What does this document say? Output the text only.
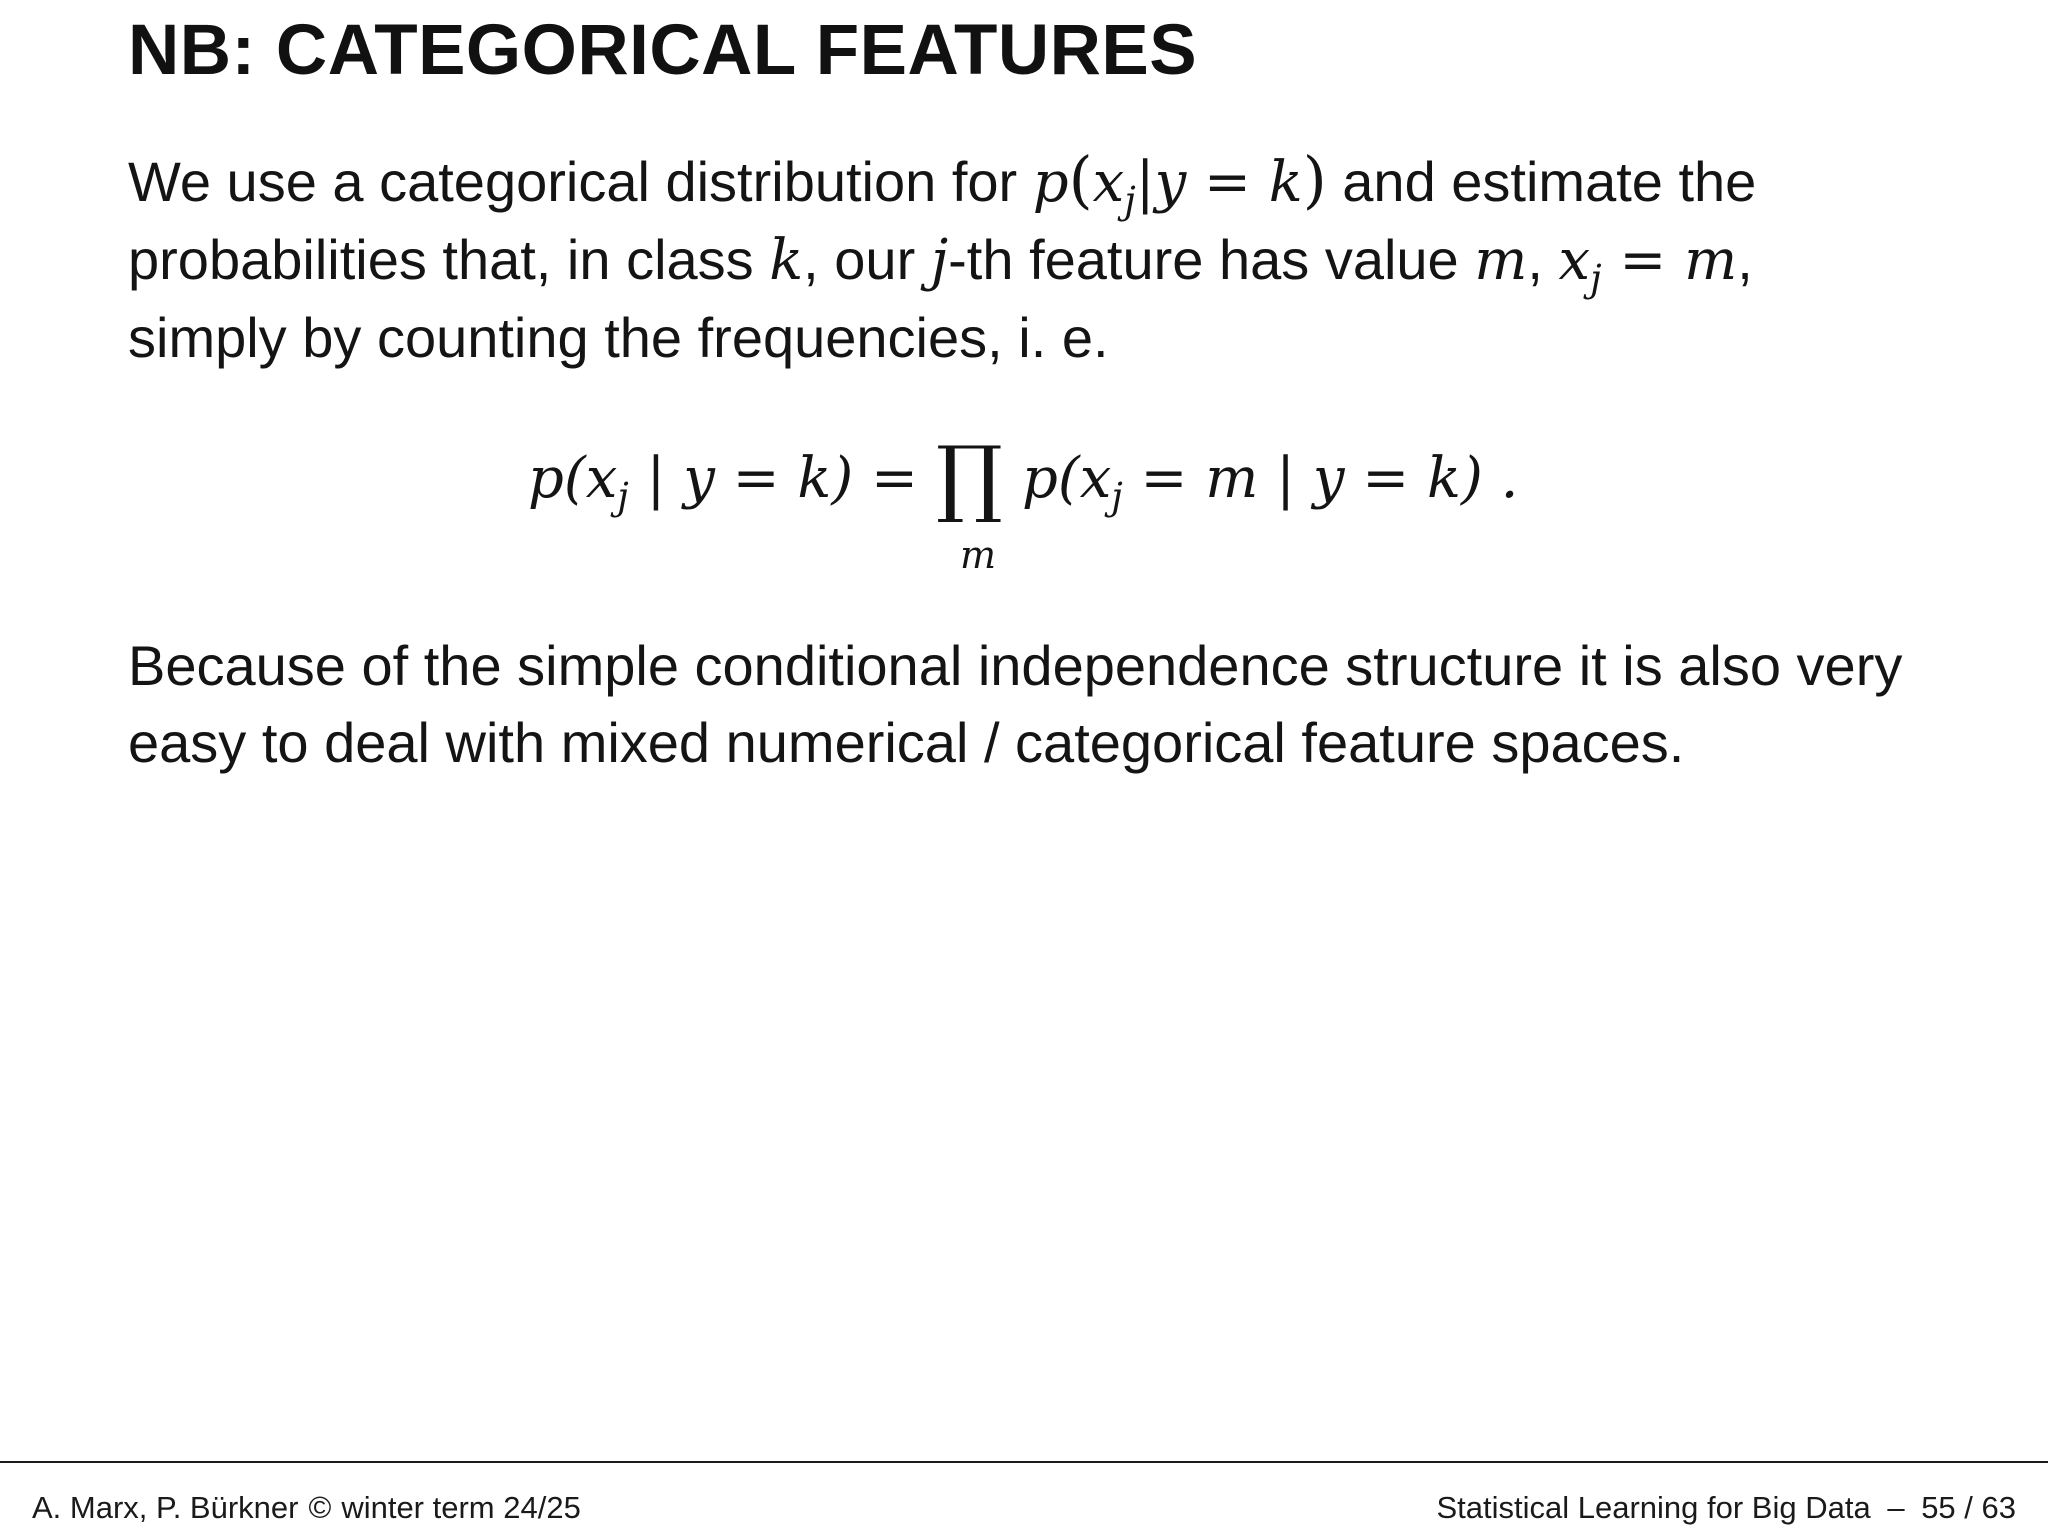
NB: CATEGORICAL FEATURES
We use a categorical distribution for $p(x_j|y = k)$ and estimate the
probabilities that, in class k, our j-th feature has value m, $x_j = m$,
simply by counting the frequencies, i. e.
$p(x_j$ | y = k) = ∏
m
$p(x_j = m$ | y = k) .
Because of the simple conditional independence structure it is also very
easy to deal with mixed numerical / categorical feature spaces.
A. Marx, P. Bürkner © winter term 24/25	Statistical Learning for Big Data – 55 / 63
